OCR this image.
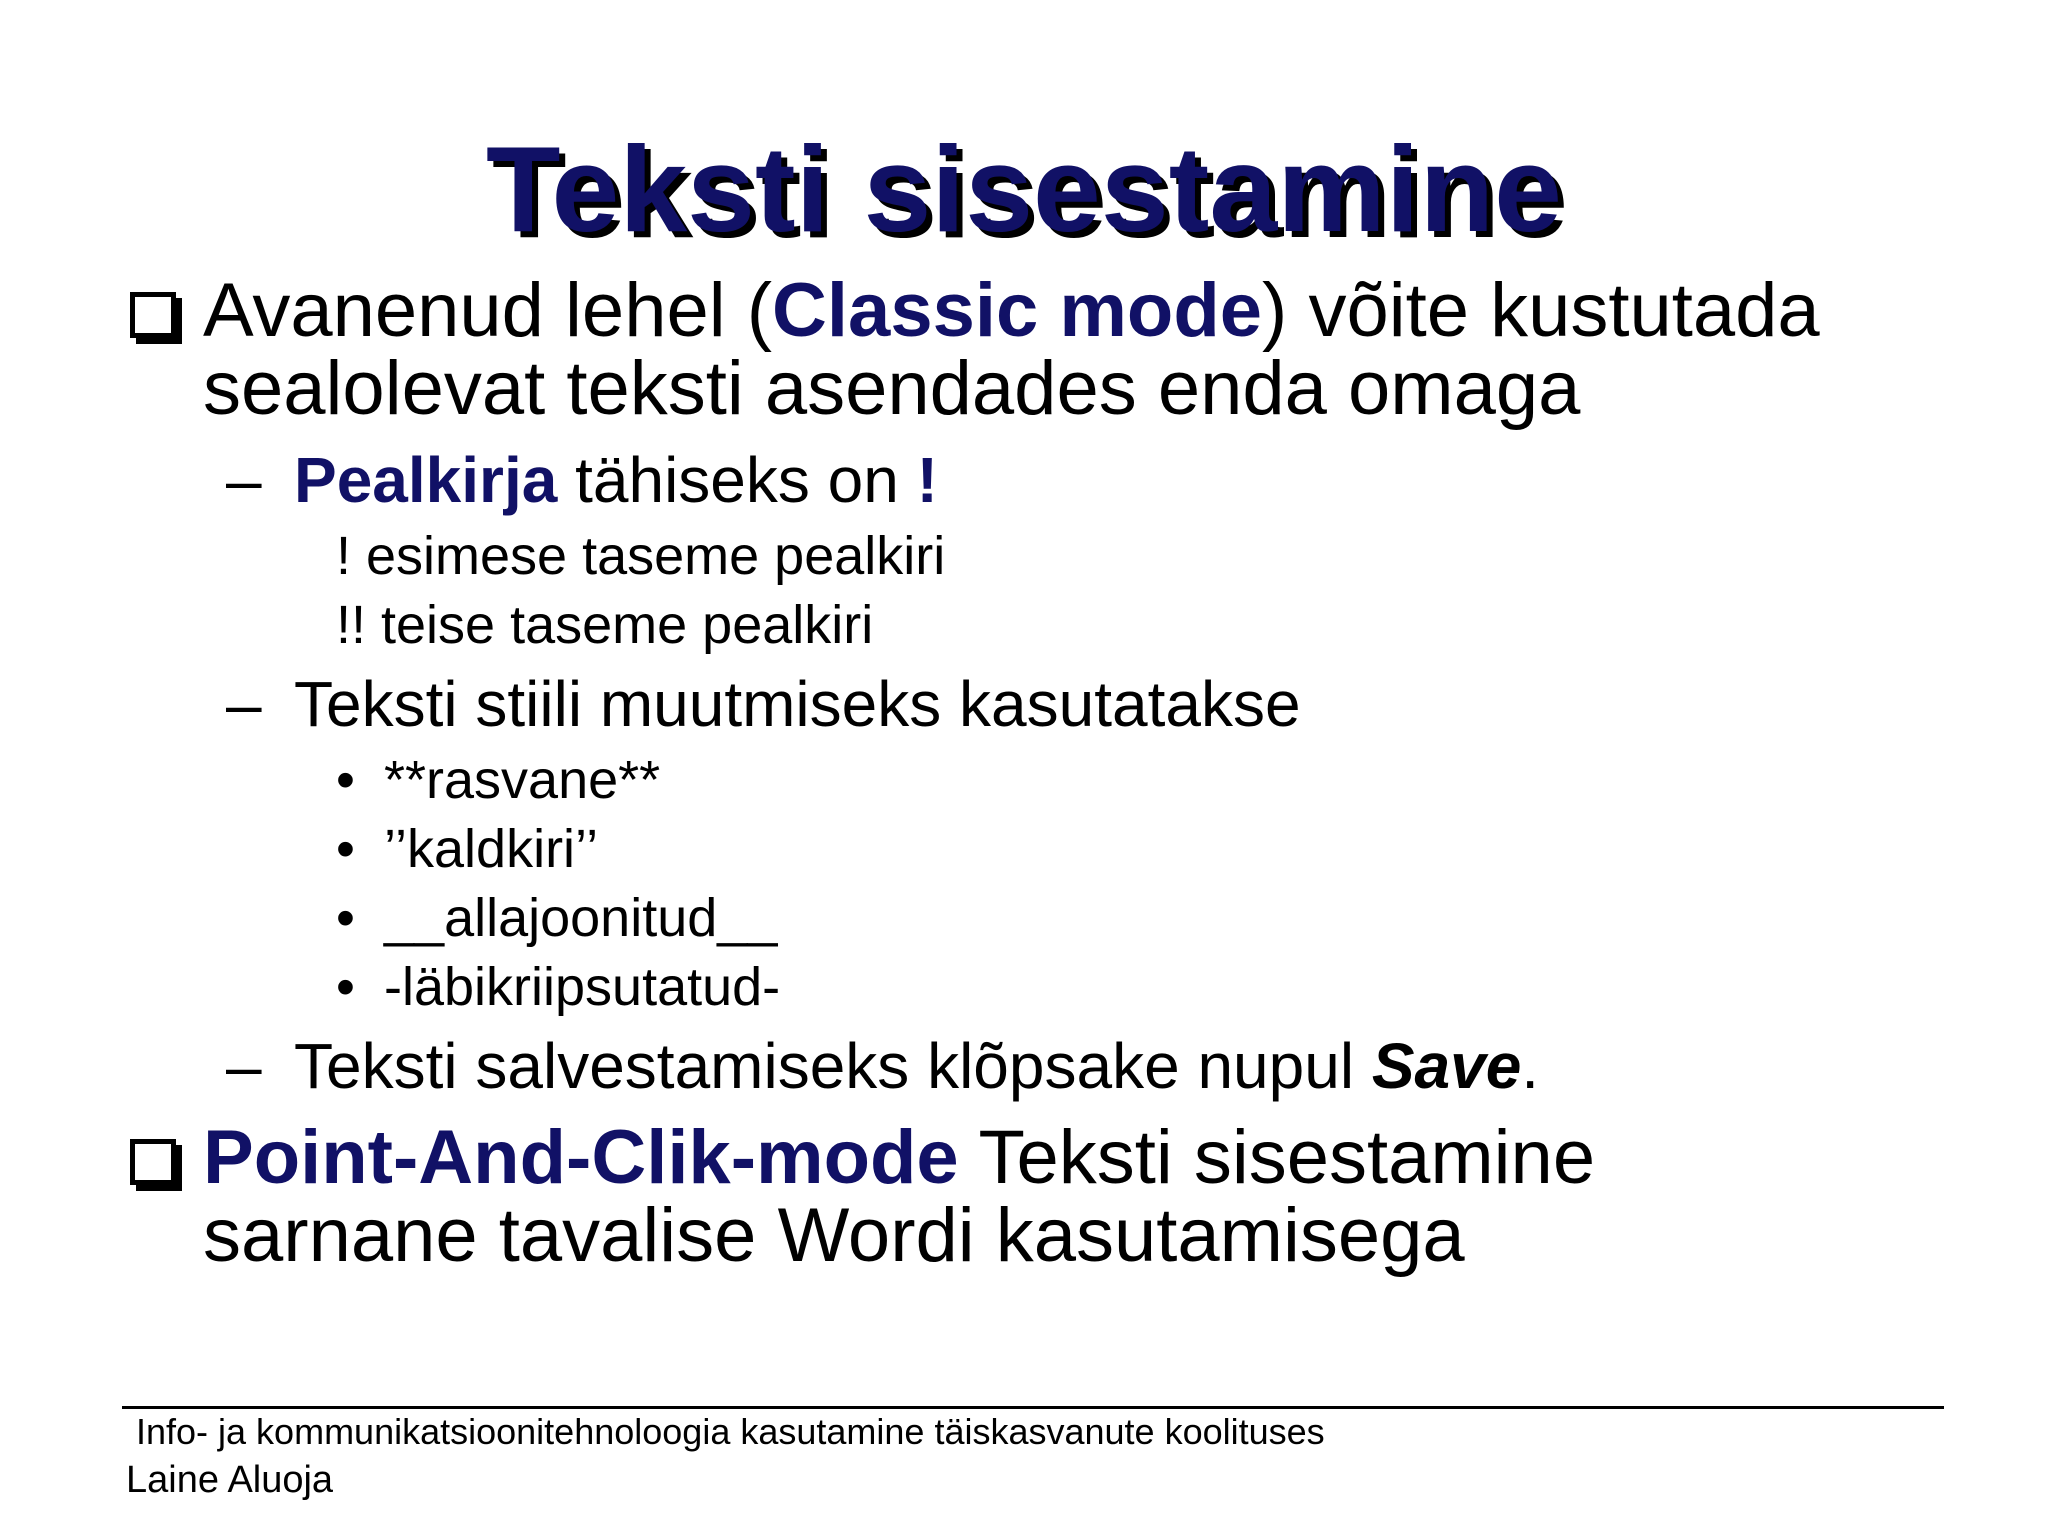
Teksti sisestamine
Avanenud lehel (Classic mode) võite kustutada
sealolevat teksti asendades enda omaga
– Pealkirja tähiseks on !
! esimese taseme pealkiri
!! teise taseme pealkiri
– Teksti stiili muutmiseks kasutatakse
• **rasvane**
• ’’kaldkiri’’
• __allajoonitud__
• -läbikriipsutatud-
– Teksti salvestamiseks klõpsake nupul Save.
Point-And-Clik-mode Teksti sisestamine
sarnane tavalise Wordi kasutamisega
Info- ja kommunikatsioonitehnoloogia kasutamine täiskasvanute koolituses
Laine Aluoja
